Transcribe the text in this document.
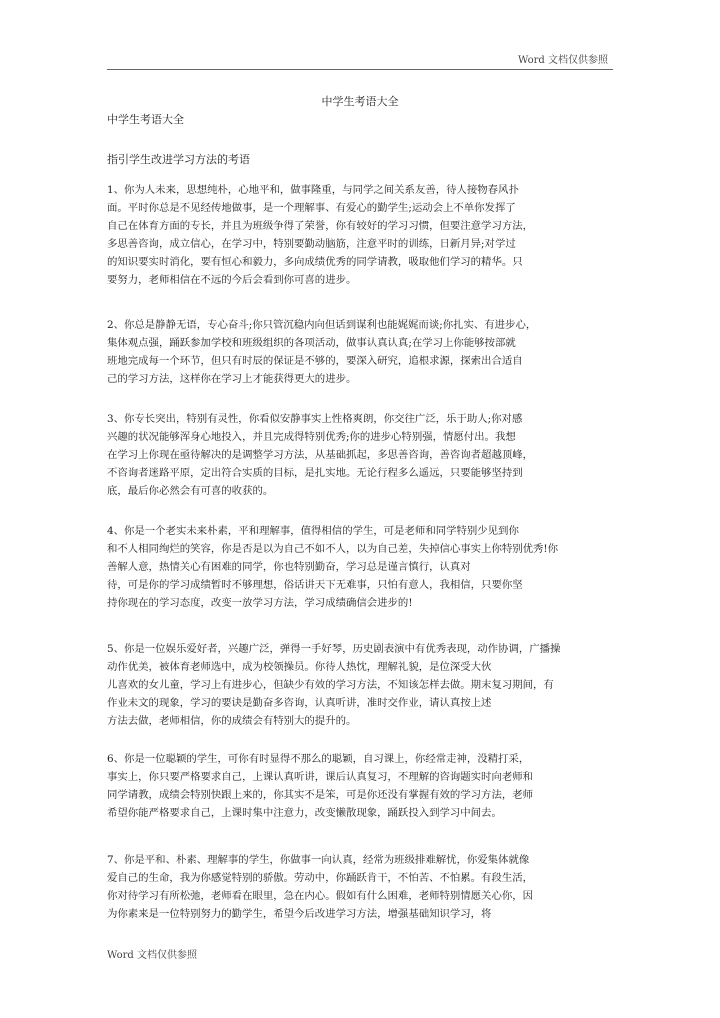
Word 文档仅供参照
中学生考语大全
中学生考语大全
指引学生改进学习方法的考语
1、你为人未来，思想纯朴，心地平和，做事隆重，与同学之间关系友善，待人接物春风扑
面。平时你总是不见经传地做事，是一个理解事、有爱心的勤学生;运动会上不单你发挥了
自己在体育方面的专长，并且为班级争得了荣誉，你有较好的学习习惯，但要注意学习方法，
多思善咨询，成立信心，在学习中，特别要勤动脑筋，注意平时的训练，日新月异;对学过
的知识要实时消化，要有恒心和毅力，多向成绩优秀的同学请教，吸取他们学习的精华。只
要努力，老师相信在不远的今后会看到你可喜的进步。
2、你总是静静无语，专心奋斗;你只管沉稳内向但话到谋利也能娓娓而谈;你扎实、有进步心，
集体观点强，踊跃参加学校和班级组织的各项活动，做事认真认真;在学习上你能够按部就
班地完成每一个环节，但只有时辰的保证是不够的，要深入研究，追根求源，探索出合适自
己的学习方法，这样你在学习上才能获得更大的进步。
3、你专长突出，特别有灵性，你看似安静事实上性格爽朗，你交往广泛，乐于助人;你对感
兴趣的状况能够浑身心地投入，并且完成得特别优秀;你的进步心特别强，情愿付出。我想
在学习上你现在亟待解决的是调整学习方法，从基础抓起，多思善咨询，善咨询者超越顶峰，
不咨询者迷路平原，定出符合实质的目标，是扎实地。无论行程多么遥远，只要能够坚持到
底，最后你必然会有可喜的收获的。
4、你是一个老实未来朴素，平和理解事，值得相信的学生，可是老师和同学特别少见到你
和不人相同绚烂的笑容，你是否是以为自己不如不人，以为自己差，失掉信心事实上你特别优秀!你
善解人意，热情关心有困难的同学，你也特别勤奋，学习总是谨言慎行，认真对
待，可是你的学习成绩暂时不够理想，俗话讲天下无难事，只怕有意人，我相信，只要你坚
持你现在的学习态度，改变一放学习方法，学习成绩确信会进步的!
5、你是一位娱乐爱好者，兴趣广泛，弹得一手好琴，历史剧表演中有优秀表现，动作协调，广播操
动作优美，被体育老师选中，成为校领操员。你待人热忱，理解礼貌，是位深受大伙
儿喜欢的女儿童，学习上有进步心，但缺少有效的学习方法，不知该怎样去做。期末复习期间，有
作业未文的现象，学习的要诀是勤奋多咨询，认真听讲，准时交作业，请认真按上述
方法去做，老师相信，你的成绩会有特别大的提升的。
6、你是一位聪颖的学生，可你有时显得不那么的聪颖，自习课上，你经常走神，没精打采，
事实上，你只要严格要求自己，上课认真听讲，课后认真复习，不理解的咨询题实时向老师和
同学请教，成绩会特别快跟上来的，你其实不是笨，可是你还没有掌握有效的学习方法，老师
希望你能严格要求自己，上课时集中注意力，改变懒散现象，踊跃投入到学习中间去。
7、你是平和、朴素、理解事的学生，你做事一向认真，经常为班级排难解忧，你爱集体就像
爱自己的生命，我为你感觉特别的骄傲。劳动中，你踊跃肯干，不怕苦、不怕累。有段生活，
你对待学习有所松弛，老师看在眼里，急在内心。假如有什么困难，老师特别情愿关心你，因
为你素来是一位特别努力的勤学生，希望今后改进学习方法，增强基础知识学习，将
Word 文档仅供参照
